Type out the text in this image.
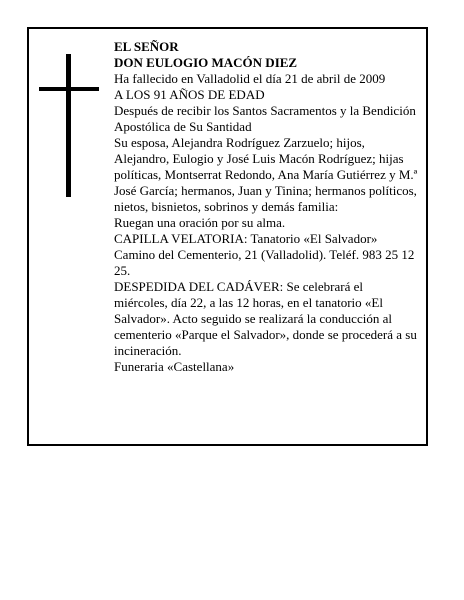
EL SEÑOR

DON EULOGIO MACÓN DIEZ

Ha fallecido en Valladolid el día 21 de abril de 2009

A LOS 91 AÑOS DE EDAD

Después de recibir los Santos Sacramentos y la Bendición Apostólica de Su Santidad

Su esposa, Alejandra Rodríguez Zarzuelo; hijos, Alejandro, Eulogio y José Luis Macón Rodríguez; hijas políticas, Montserrat Redondo, Ana María Gutiérrez y M.ª José García; hermanos, Juan y Tinina; hermanos políticos, nietos, bisnietos, sobrinos y demás familia:

Ruegan una oración por su alma.

CAPILLA VELATORIA: Tanatorio «El Salvador» Camino del Cementerio, 21 (Valladolid). Teléf. 983 25 12 25.

DESPEDIDA DEL CADÁVER: Se celebrará el miércoles, día 22, a las 12 horas, en el tanatorio «El Salvador». Acto seguido se realizará la conducción al cementerio «Parque el Salvador», donde se procederá a su incineración.

Funeraria «Castellana»
